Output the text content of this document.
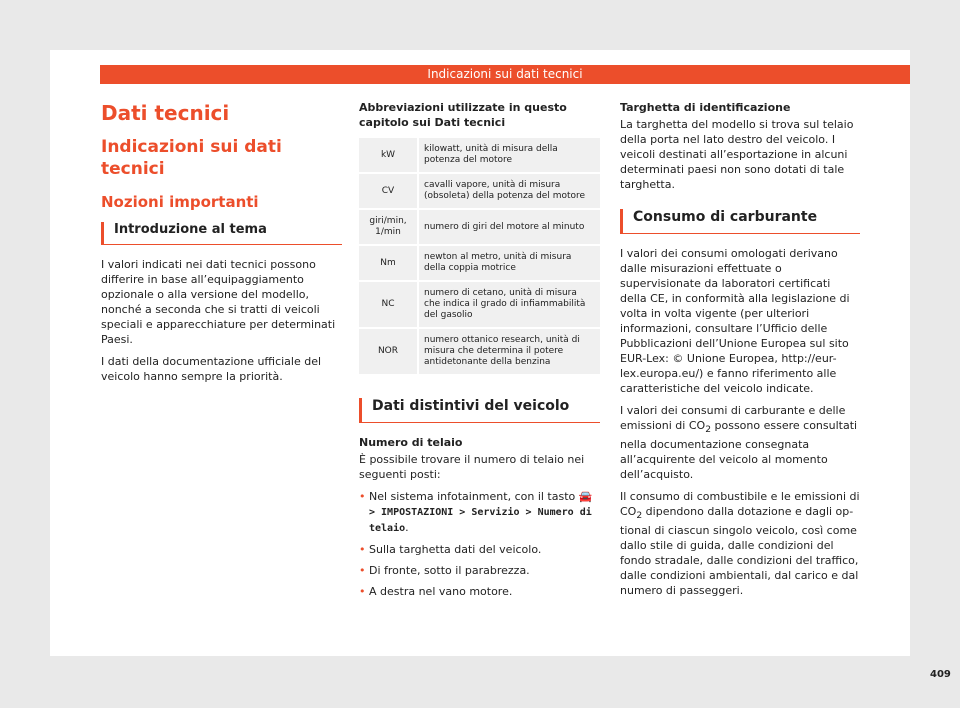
Indicazioni sui dati tecnici
Dati tecnici
Indicazioni sui dati tecnici
Nozioni importanti
Introduzione al tema

I valori indicati nei dati tecnici possono differire in base all’equipaggiamento opzionale o alla versione del modello, nonché a seconda che si tratti di veicoli speciali e apparecchiature per determinati Paesi.

I dati della documentazione ufficiale del veicolo hanno sempre la priorità.

Abbreviazioni utilizzate in questo capitolo sui Dati tecnici
kW	kilowatt, unità di misura della potenza del motore
CV	cavalli vapore, unità di misura (obsoleta) della potenza del motore
giri/min, 1/min	numero di giri del motore al minuto
Nm	newton al metro, unità di misura della coppia motrice
NC	numero di cetano, unità di misura che indica il grado di infiammabilità del gasolio
NOR	numero ottanico research, unità di misura che determina il potere antidetonante della benzina
Dati distintivi del veicolo
Numero di telaio

È possibile trovare il numero di telaio nei seguenti posti:

• Nel sistema infotainment, con il tasto 🚘 > IMPOSTAZIONI > Servizio > Numero di telaio.
• Sulla targhetta dati del veicolo.
• Di fronte, sotto il parabrezza.
• A destra nel vano motore.
Targhetta di identificazione

La targhetta del modello si trova sul telaio della porta nel lato destro del veicolo. I veicoli destinati all’esportazione in alcuni determinati paesi non sono dotati di tale targhetta.

Consumo di carburante

I valori dei consumi omologati derivano dalle misurazioni effettuate o supervisionate da laboratori certificati della CE, in conformità alla legislazione di volta in volta vigente (per ulteriori informazioni, consultare l’Ufficio delle Pubblicazioni dell’Unione Europea sul sito EUR-Lex: © Unione Europea, http://eur-lex.europa.eu/) e fanno riferimento alle caratteristiche del veicolo indicate.

I valori dei consumi di carburante e delle emissioni di $CO_2$ possono essere consultati nella documentazione consegnata all’acquirente del veicolo al momento dell’acquisto.

Il consumo di combustibile e le emissioni di $CO_2$ dipendono dalla dotazione e dagli optional di ciascun singolo veicolo, così come dallo stile di guida, dalle condizioni del fondo stradale, dalle condizioni del traffico, dalle condizioni ambientali, dal carico e dal numero di passeggeri.

409
